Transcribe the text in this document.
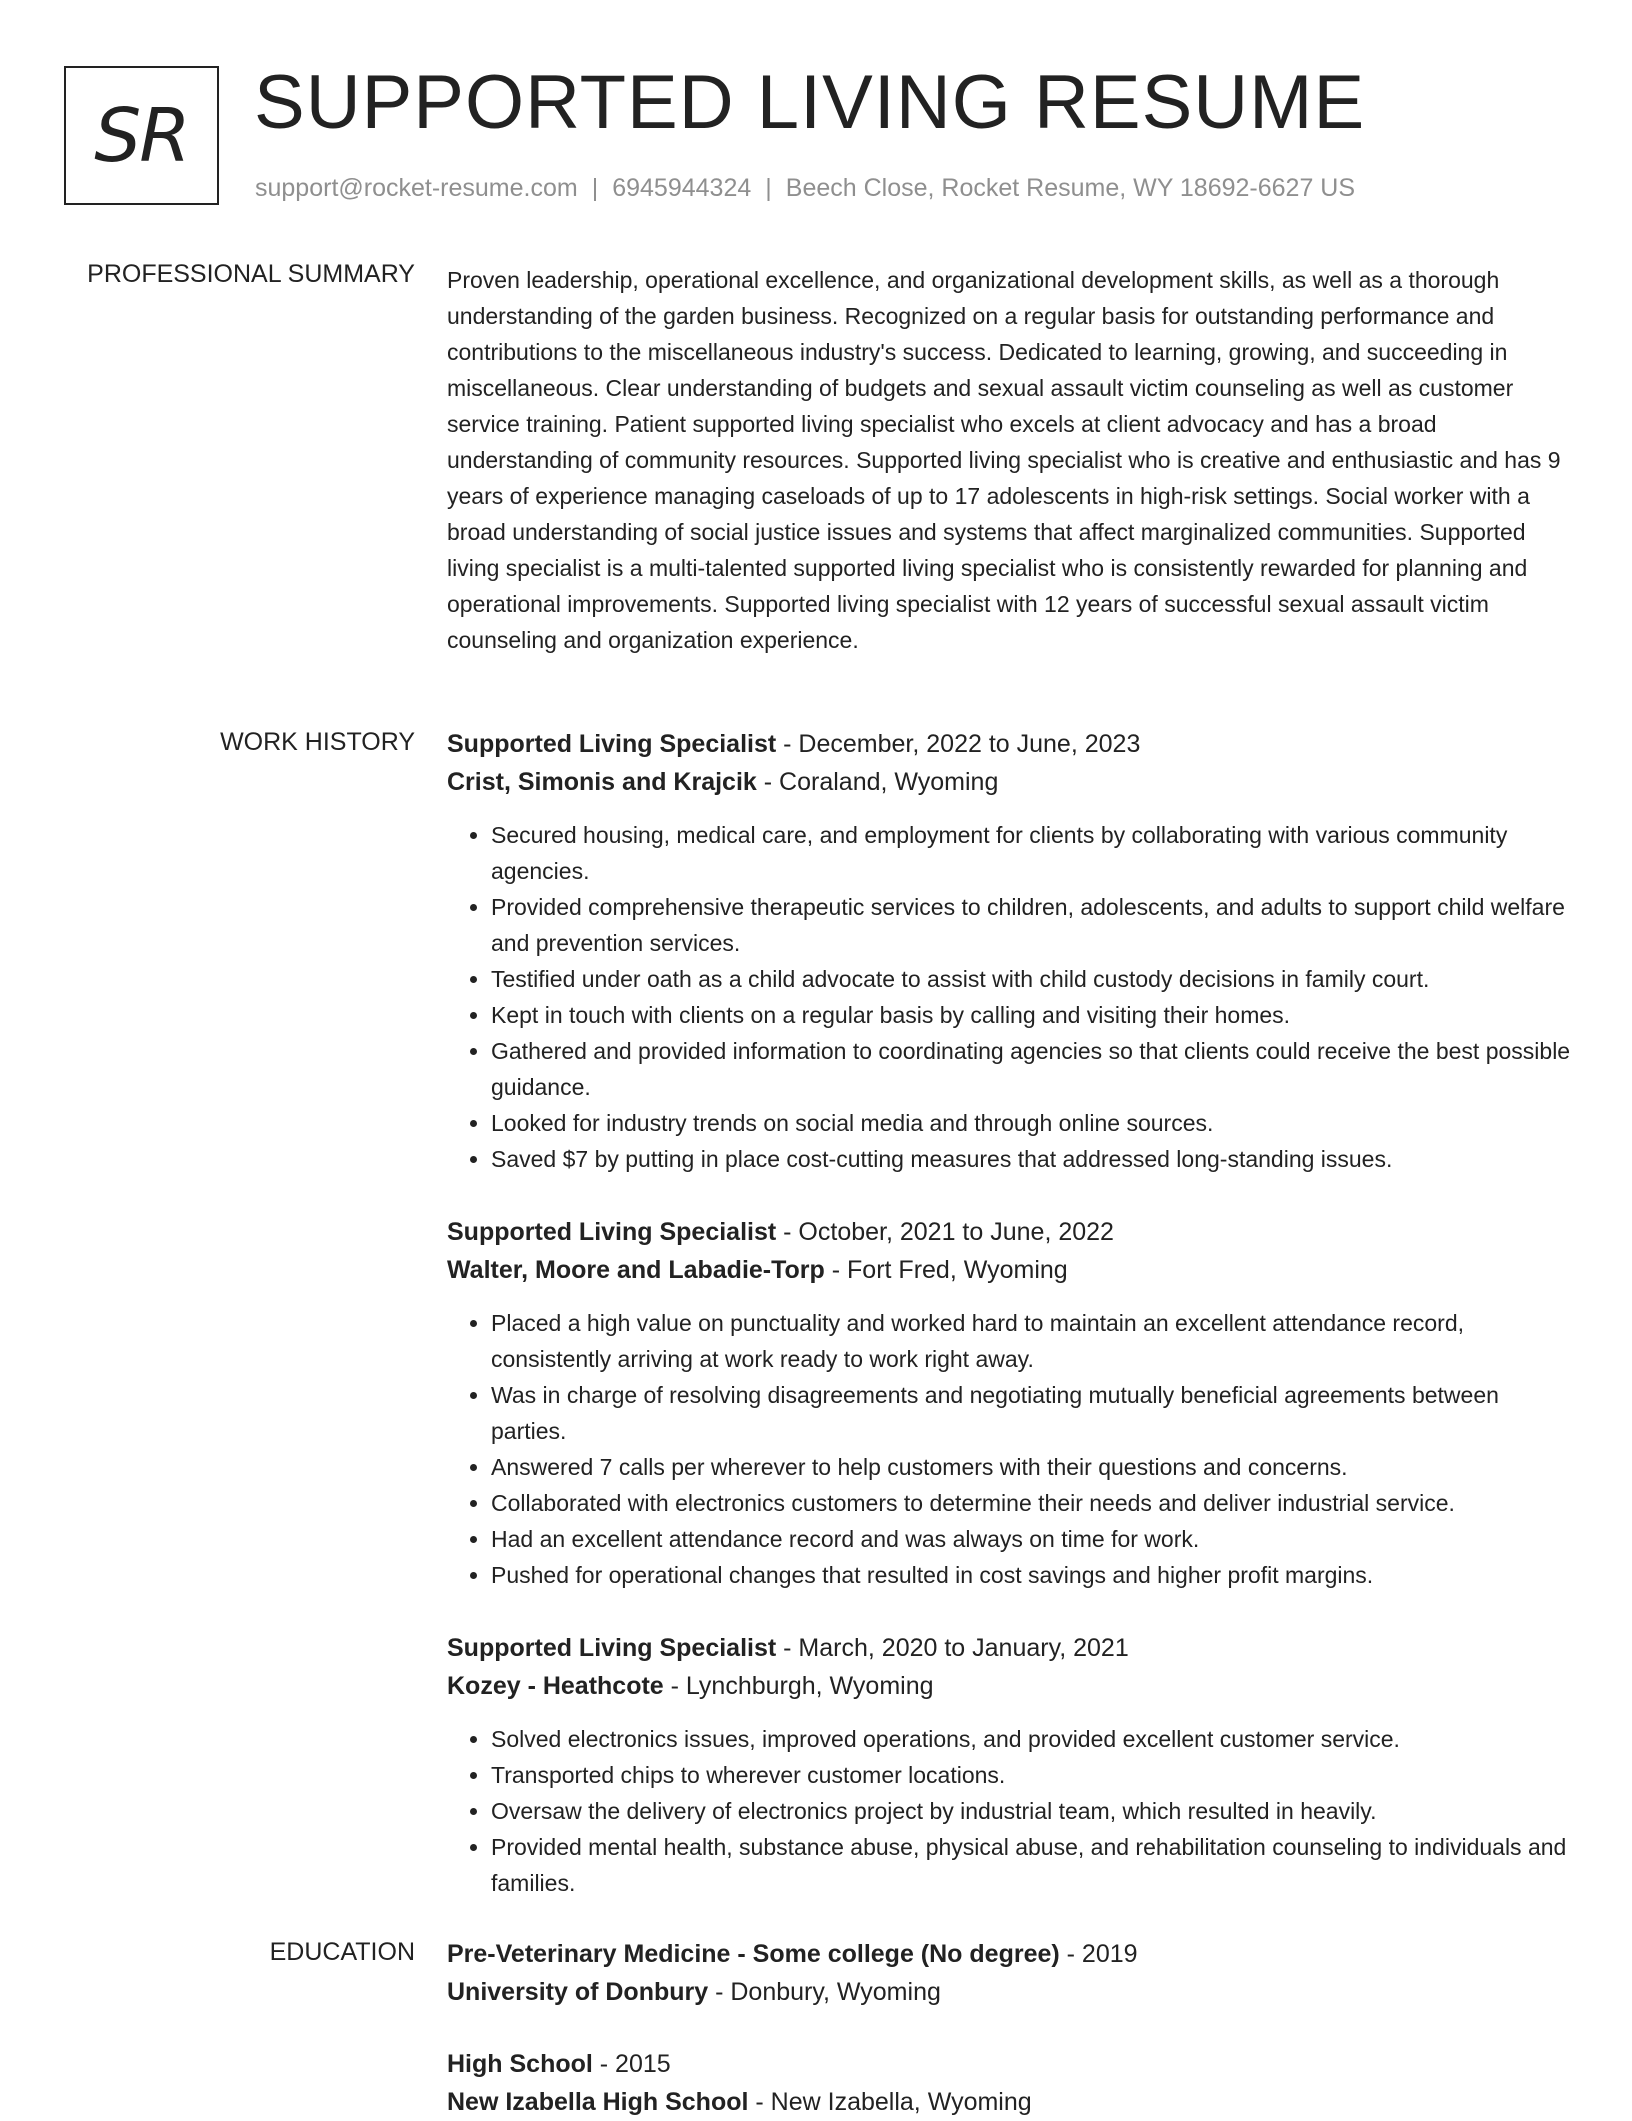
SR SUPPORTED LIVING RESUME
support@rocket-resume.com | 6945944324 | Beech Close, Rocket Resume, WY 18692-6627 US
PROFESSIONAL SUMMARY Proven leadership, operational excellence, and organizational development skills, as well as a thorough understanding of the garden business. Recognized on a regular basis for outstanding performance and contributions to the miscellaneous industry's success. Dedicated to learning, growing, and succeeding in miscellaneous. Clear understanding of budgets and sexual assault victim counseling as well as customer service training. Patient supported living specialist who excels at client advocacy and has a broad understanding of community resources. Supported living specialist who is creative and enthusiastic and has 9 years of experience managing caseloads of up to 17 adolescents in high-risk settings. Social worker with a broad understanding of social justice issues and systems that affect marginalized communities. Supported living specialist is a multi-talented supported living specialist who is consistently rewarded for planning and operational improvements. Supported living specialist with 12 years of successful sexual assault victim counseling and organization experience.

WORK HISTORY Supported Living Specialist - December, 2022 to June, 2023
Crist, Simonis and Krajcik - Coraland, Wyoming
• Secured housing, medical care, and employment for clients by collaborating with various community agencies.
• Provided comprehensive therapeutic services to children, adolescents, and adults to support child welfare and prevention services.
• Testified under oath as a child advocate to assist with child custody decisions in family court.
• Kept in touch with clients on a regular basis by calling and visiting their homes.
• Gathered and provided information to coordinating agencies so that clients could receive the best possible guidance.
• Looked for industry trends on social media and through online sources.
• Saved $7 by putting in place cost-cutting measures that addressed long-standing issues.
Supported Living Specialist - October, 2021 to June, 2022
Walter, Moore and Labadie-Torp - Fort Fred, Wyoming
• Placed a high value on punctuality and worked hard to maintain an excellent attendance record, consistently arriving at work ready to work right away.
• Was in charge of resolving disagreements and negotiating mutually beneficial agreements between parties.
• Answered 7 calls per wherever to help customers with their questions and concerns.
• Collaborated with electronics customers to determine their needs and deliver industrial service.
• Had an excellent attendance record and was always on time for work.
• Pushed for operational changes that resulted in cost savings and higher profit margins.
Supported Living Specialist - March, 2020 to January, 2021
Kozey - Heathcote - Lynchburgh, Wyoming
• Solved electronics issues, improved operations, and provided excellent customer service.
• Transported chips to wherever customer locations.
• Oversaw the delivery of electronics project by industrial team, which resulted in heavily.
• Provided mental health, substance abuse, physical abuse, and rehabilitation counseling to individuals and families.
EDUCATION Pre-Veterinary Medicine - Some college (No degree) - 2019
University of Donbury - Donbury, Wyoming
High School - 2015
New Izabella High School - New Izabella, Wyoming
